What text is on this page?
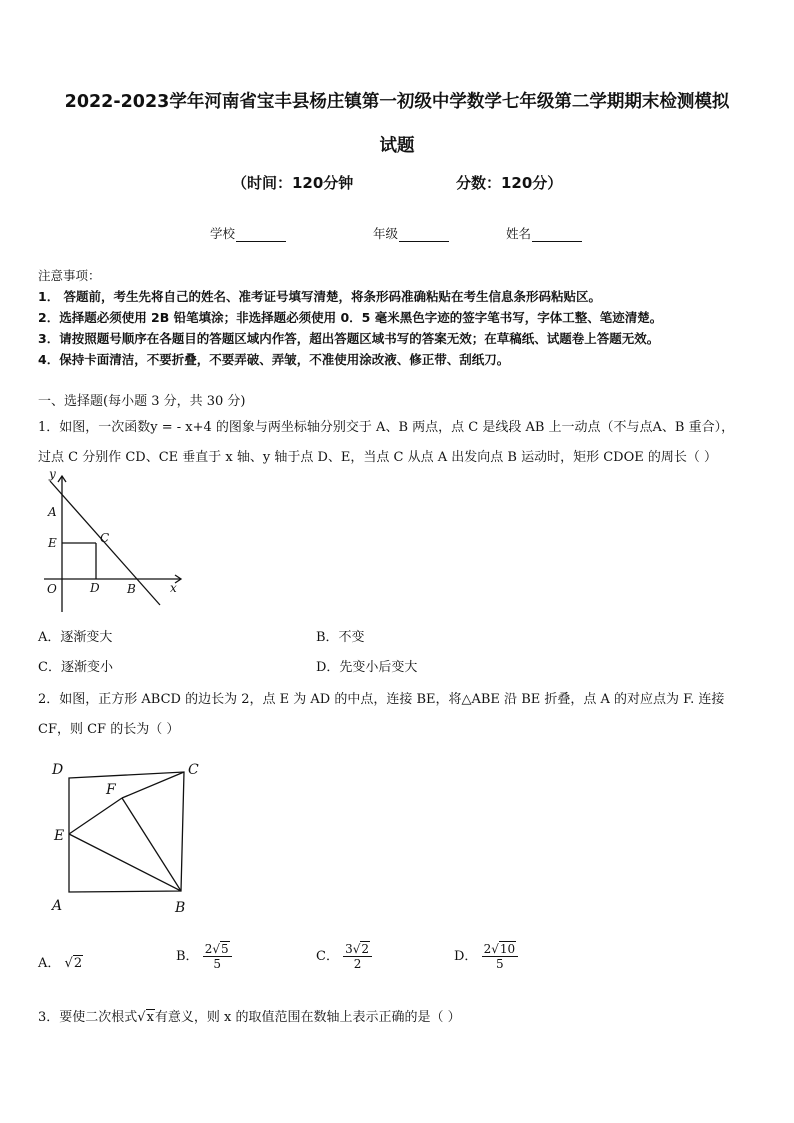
2022-2023学年河南省宝丰县杨庄镇第一初级中学数学七年级第二学期期末检测模拟
试题
（时间：120分钟	分数：120分）
学校	年级	姓名
注意事项：
1． 答题前，考生先将自己的姓名、准考证号填写清楚，将条形码准确粘贴在考生信息条形码粘贴区。
2．选择题必须使用 2B 铅笔填涂；非选择题必须使用 0．5 毫米黑色字迹的签字笔书写，字体工整、笔迹清楚。
3．请按照题号顺序在各题目的答题区域内作答，超出答题区域书写的答案无效；在草稿纸、试题卷上答题无效。
4．保持卡面清洁，不要折叠，不要弄破、弄皱，不准使用涂改液、修正带、刮纸刀。
一、选择题(每小题 3 分，共 30 分)
1．如图，一次函数y = - x+4 的图象与两坐标轴分别交于 A、B 两点，点 C 是线段 AB 上一动点（不与点A、B 重合），
过点 C 分别作 CD、CE 垂直于 x 轴、y 轴于点 D、E，当点 C 从点 A 出发向点 B 运动时，矩形 CDOE 的周长（ ）
y
A
E	C
O	D B	x
A．逐渐变大	B．不变
C．逐渐变小	D．先变小后变大
2．如图，正方形 ABCD 的边长为 2，点 E 为 AD 的中点，连接 BE，将△ABE 沿 BE 折叠，点 A 的对应点为 F. 连接
CF，则 CF 的长为（ ）
D	C
F
E
A	B
A． √2	B． $\frac{2√5}{5}$	C． $\frac{3√2}{2}$	D． $\frac{2√10}{5}$
3．要使二次根式√x有意义，则 x 的取值范围在数轴上表示正确的是（ ）
